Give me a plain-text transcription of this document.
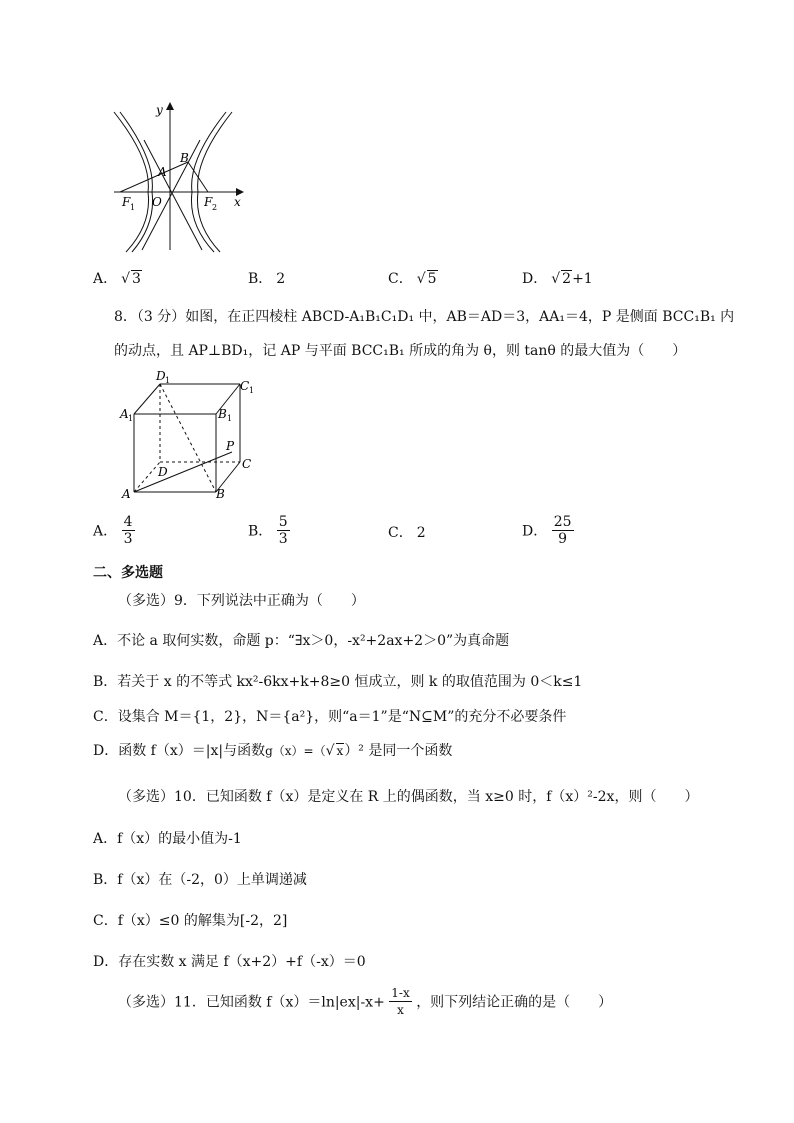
y
x
A
B
O
F 1	F 2
A． √ 3	B． 2	C． √ 5	D． √ 2+1
8．（3 分）如图，在正四棱柱 ABCD-A₁B₁C₁D₁ 中，AB＝AD＝3，AA₁＝4，P 是侧面 BCC₁B₁ 内
的动点，且 AP⊥BD₁，记 AP 与平面 BCC₁B₁ 所成的角为 θ，则 tanθ 的最大值为（　　）
D 1	C 1
A 1	B 1
P
D
C
A	B
A． $\frac{4}{3}$	B． $\frac{5}{3}$	C． 2	D． $\frac{25}{9}$
二、多选题
（多选）9．下列说法中正确为（　　）
A．不论 a 取何实数，命题 p：“∃x＞0，-x²+2ax+2＞0”为真命题
B．若关于 x 的不等式 kx²-6kx+k+8≥0 恒成立，则 k 的取值范围为 0＜k≤1
C．设集合 M＝{1，2}，N＝{a²}，则“a＝1”是“N⊆M”的充分不必要条件
D．函数 f（x）＝|x|与函数g（x）=（√ x）² 是同一个函数
（多选）10．已知函数 f（x）是定义在 R 上的偶函数，当 x≥0 时，f（x）²-2x，则（　　）
A．f（x）的最小值为-1
B．f（x）在（-2，0）上单调递减
C．f（x）≤0 的解集为[-2，2]
D．存在实数 x 满足 f（x+2）+f（-x）＝0
（多选）11．已知函数 $f(x)=\ln|ex|-x+ \frac{1-x}{x}$ ，则下列结论正确的是（　　）
